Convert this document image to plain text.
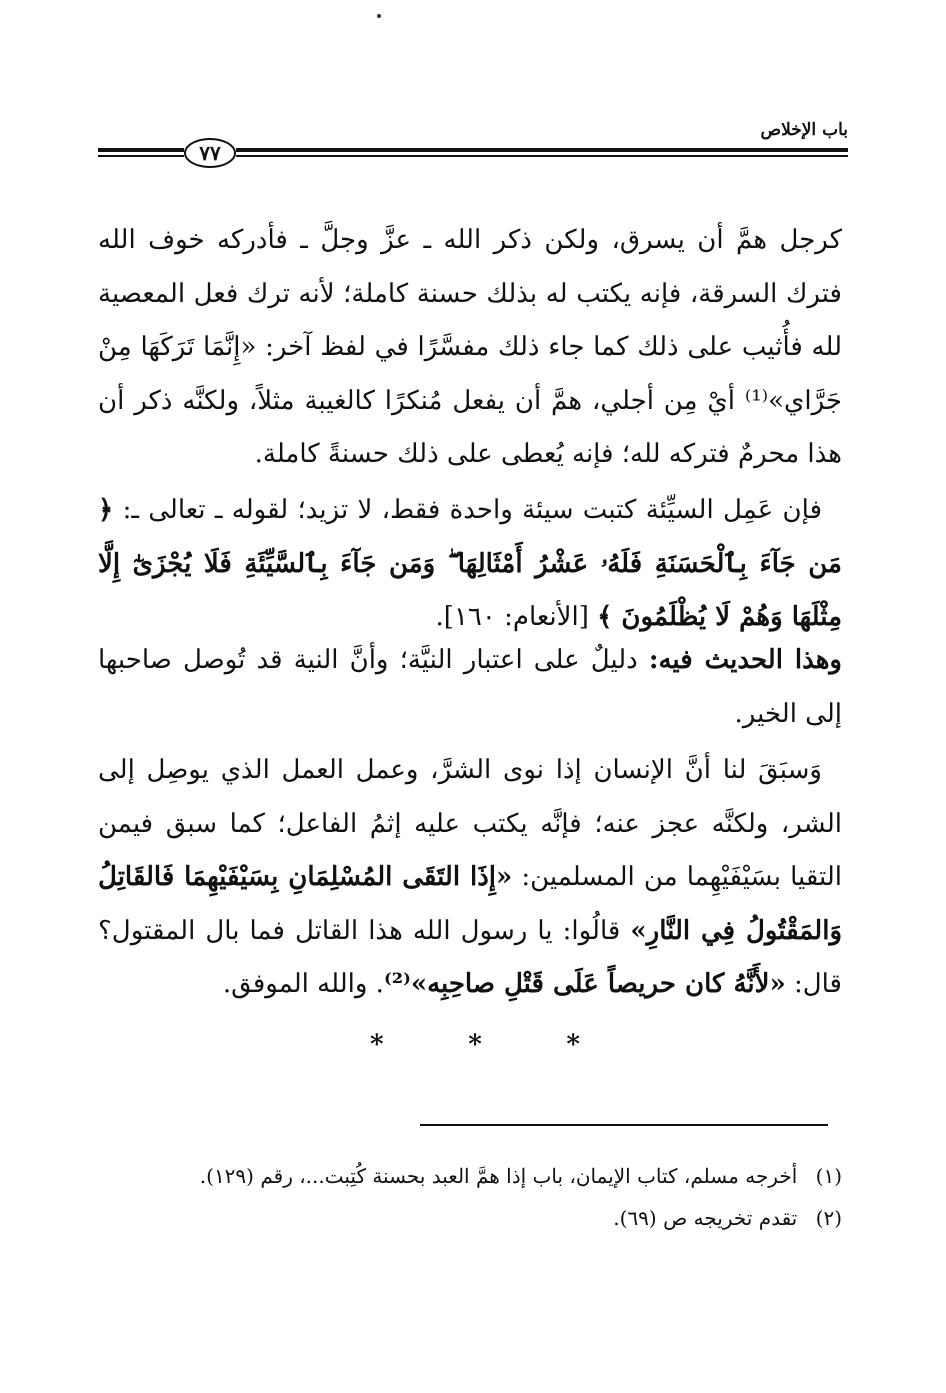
باب الإخلاص
٧٧
كرجل همَّ أن يسرق، ولكن ذكر الله ـ عزَّ وجلَّ ـ فأدركه خوف الله فترك السرقة، فإنه يكتب له بذلك حسنة كاملة؛ لأنه ترك فعل المعصية لله فأُثيب على ذلك كما جاء ذلك مفسَّرًا في لفظ آخر: «إِنَّمَا تَرَكَهَا مِنْ جَرَّاي»⁽¹⁾ أيْ مِن أجلي، همَّ أن يفعل مُنكرًا كالغيبة مثلاً، ولكنَّه ذكر أن هذا محرمٌ فتركه لله؛ فإنه يُعطى على ذلك حسنةً كاملة.
فإن عَمِل السيِّئة كتبت سيئة واحدة فقط، لا تزيد؛ لقوله ـ تعالى ـ: ﴿ مَن جَآءَ بِٱلْحَسَنَةِ فَلَهُۥ عَشْرُ أَمْثَالِهَا ۖ وَمَن جَآءَ بِٱلسَّيِّئَةِ فَلَا يُجْزَىٰٓ إِلَّا مِثْلَهَا وَهُمْ لَا يُظْلَمُونَ ﴾ [الأنعام: ١٦٠].
وهذا الحديث فيه: دليلٌ على اعتبار النيَّة؛ وأنَّ النية قد تُوصل صاحبها إلى الخير.
وَسبَقَ لنا أنَّ الإنسان إذا نوى الشرَّ، وعمل العمل الذي يوصِل إلى الشر، ولكنَّه عجز عنه؛ فإنَّه يكتب عليه إثمُ الفاعل؛ كما سبق فيمن التقيا بسَيْفَيْهِما من المسلمين: «إِذَا التَقَى المُسْلِمَانِ بِسَيْفَيْهِمَا فَالقَاتِلُ وَالمَقْتُولُ فِي النَّارِ» قالُوا: يا رسول الله هذا القاتل فما بال المقتول؟ قال: «لأَنَّهُ كان حريصاً عَلَى قَتْلِ صاحِبِه»⁽²⁾. والله الموفق.
*	*	*

(١) أخرجه مسلم، كتاب الإيمان، باب إذا همَّ العبد بحسنة كُتِبت...، رقم (١٢٩).

(٢) تقدم تخريجه ص (٦٩).
